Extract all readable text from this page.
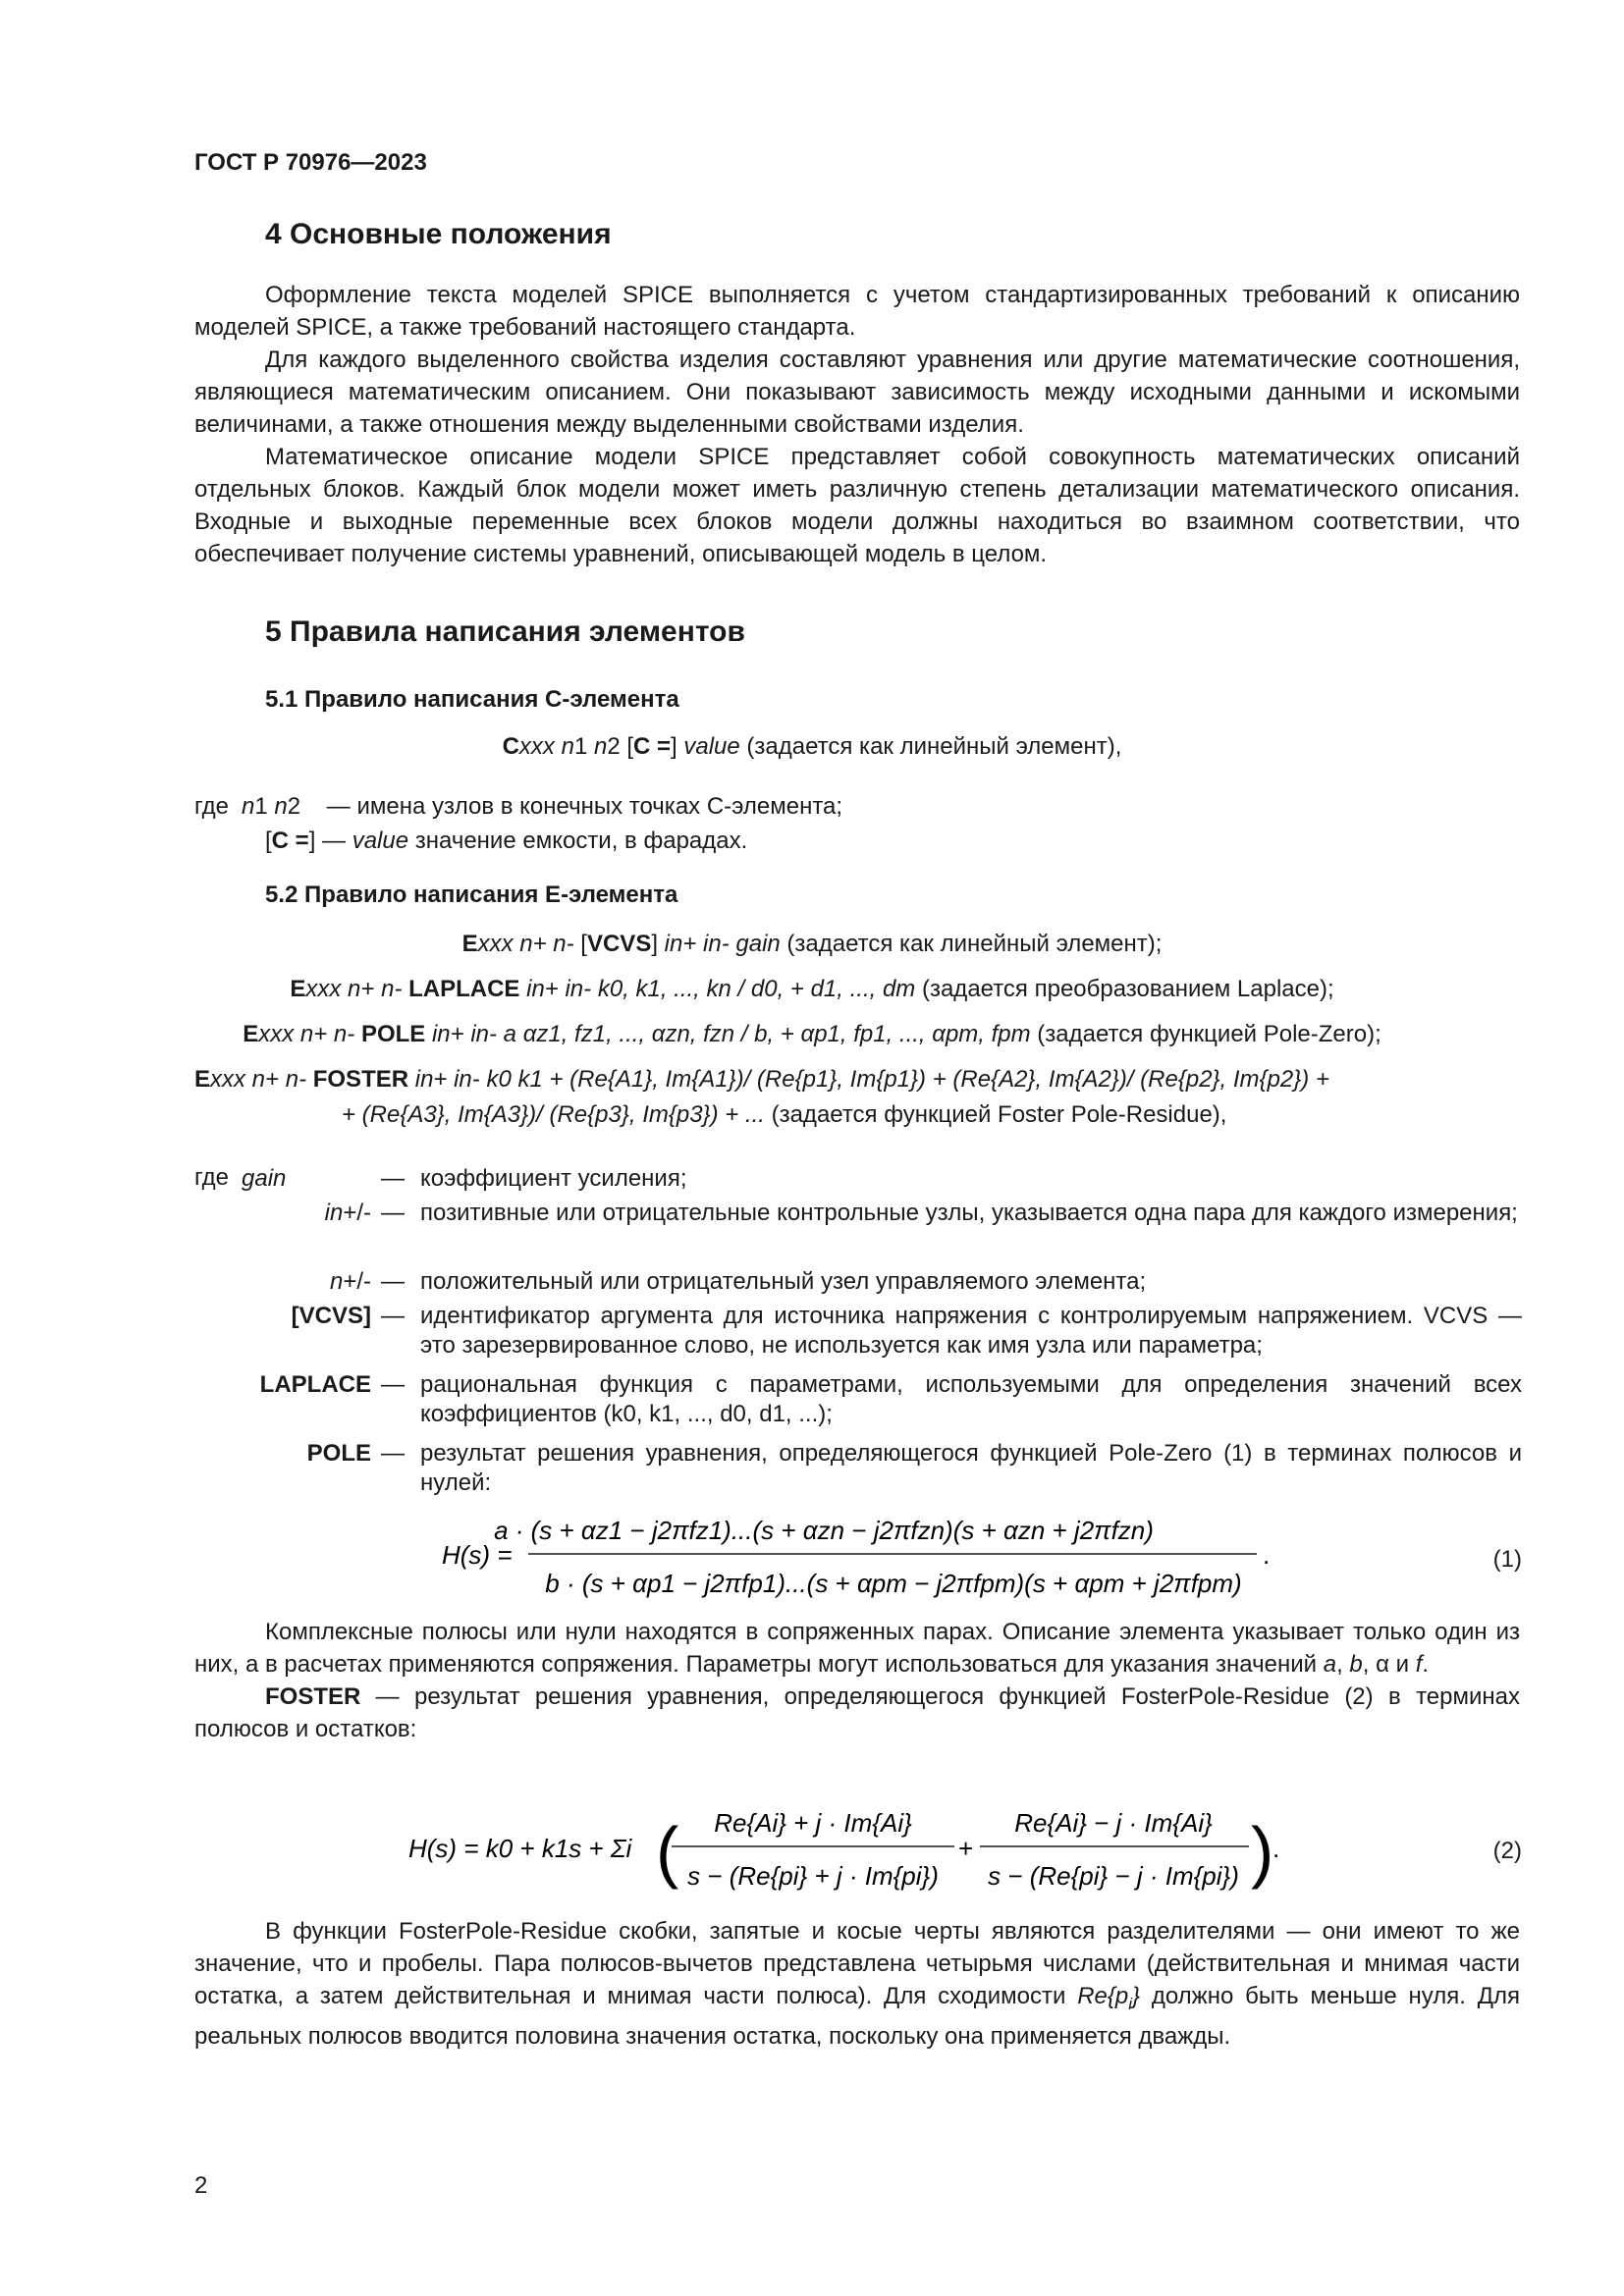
ГОСТ Р 70976—2023
4 Основные положения

Оформление текста моделей SPICE выполняется с учетом стандартизированных требований к описанию моделей SPICE, а также требований настоящего стандарта.

Для каждого выделенного свойства изделия составляют уравнения или другие математические соотношения, являющиеся математическим описанием. Они показывают зависимость между исходными данными и искомыми величинами, а также отношения между выделенными свойствами изделия.

Математическое описание модели SPICE представляет собой совокупность математических описаний отдельных блоков. Каждый блок модели может иметь различную степень детализации математического описания. Входные и выходные переменные всех блоков модели должны находиться во взаимном соответствии, что обеспечивает получение системы уравнений, описывающей модель в целом.

5 Правила написания элементов
5.1 Правило написания С-элемента
Cxxx n1 n2 [C =] value (задается как линейный элемент),
где n1 n2 — имена узлов в конечных точках С-элемента;
[C =] — value значение емкости, в фарадах.
5.2 Правило написания Е-элемента
Exxx n+ n- [VCVS] in+ in- gain (задается как линейный элемент);
Exxx n+ n- LAPLACE in+ in- k0, k1, ..., kn / d0, + d1, ..., dm (задается преобразованием Laplace);
Exxx n+ n- POLE in+ in- a αz1, fz1, ..., αzn, fzn / b, + αp1, fp1, ..., αpm, fpm (задается функцией Pole-Zero);
Exxx n+ n- FOSTER in+ in- k0 k1 + (Re{A1}, Im{A1})/ (Re{p1}, Im{p1}) + (Re{A2}, Im{A2})/ (Re{p2}, Im{p2}) +
+ (Re{A3}, Im{A3})/ (Re{p3}, Im{p3}) + ... (задается функцией Foster Pole-Residue),
где gain	— коэффициент усиления;
in+/- — позитивные или отрицательные контрольные узлы, указывается одна пара для каждого измерения;
n+/- — положительный или отрицательный узел управляемого элемента;
[VCVS] — идентификатор аргумента для источника напряжения с контролируемым напряжением. VCVS — это зарезервированное слово, не используется как имя узла или параметра;
LAPLACE — рациональная функция с параметрами, используемыми для определения значений всех коэффициентов (k0, k1, ..., d0, d1, ...);
POLE — результат решения уравнения, определяющегося функцией Pole-Zero (1) в терминах полюсов и нулей:
H(s) =
a · (s + αz1 − j2πfz1)...(s + αzn − j2πfzn)(s + αzn + j2πfzn)
b · (s + αp1 − j2πfp1)...(s + αpm − j2πfpm)(s + αpm + j2πfpm)
.	(1)

Комплексные полюсы или нули находятся в сопряженных парах. Описание элемента указывает только один из них, а в расчетах применяются сопряжения. Параметры могут использоваться для указания значений a, b, α и f.

FOSTER — результат решения уравнения, определяющегося функцией FosterPole-Residue (2) в терминах полюсов и остатков:

H(s) = k0 + k1s + Σi ( Re{Ai} + j · Im{Ai}
s − (Re{pi} + j · Im{pi})
+
Re{Ai} − j · Im{Ai}
s − (Re{pi} − j · Im{pi}) )
.	(2)

В функции FosterPole-Residue скобки, запятые и косые черты являются разделителями — они имеют то же значение, что и пробелы. Пара полюсов-вычетов представлена четырьмя числами (действительная и мнимая части остатка, а затем действительная и мнимая части полюса). Для сходимости $Re\{p_i\}$ должно быть меньше нуля. Для реальных полюсов вводится половина значения остатка, поскольку она применяется дважды.

2
